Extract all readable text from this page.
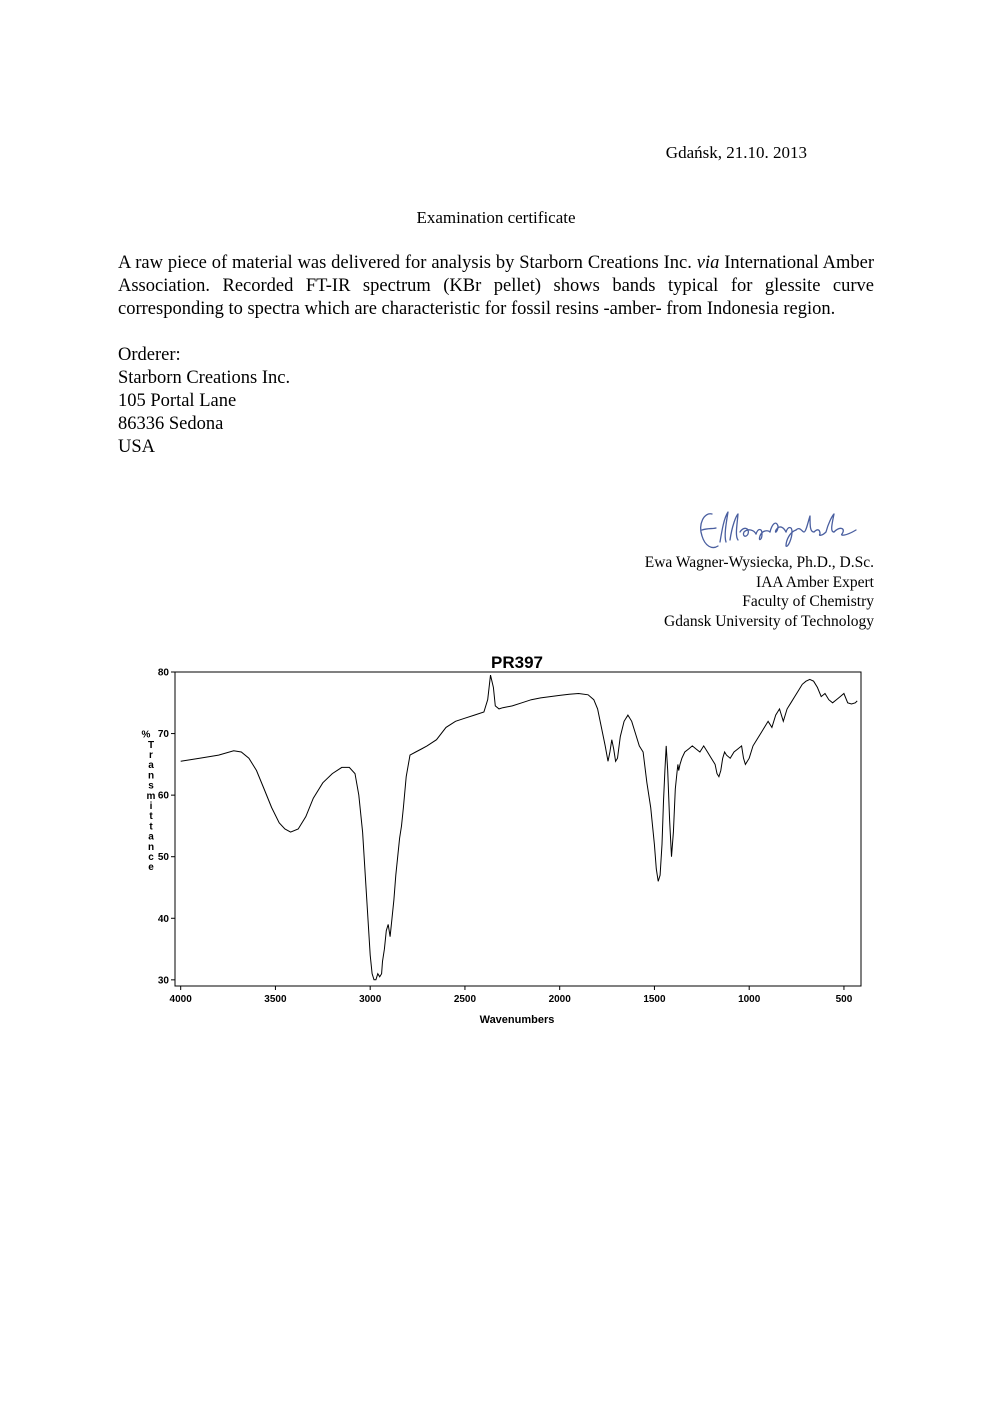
Gdańsk, 21.10. 2013
Examination certificate

A raw piece of material was delivered for analysis by Starborn Creations Inc. via International Amber Association. Recorded FT-IR spectrum (KBr pellet) shows bands typical for glessite curve corresponding to spectra which are characteristic for fossil resins -amber- from Indonesia region.

Orderer:
Starborn Creations Inc.
105 Portal Lane
86336 Sedona
USA
Ewa Wagner-Wysiecka, Ph.D., D.Sc.
IAA Amber Expert
Faculty of Chemistry
Gdansk University of Technology
PR397
4000	3500	3000	2500	2000	1500	1000	500
80
70
60
50
40
30
Wavenumbers
%
T
r
a
n
s
m
i
t
t
a
n
c
e
